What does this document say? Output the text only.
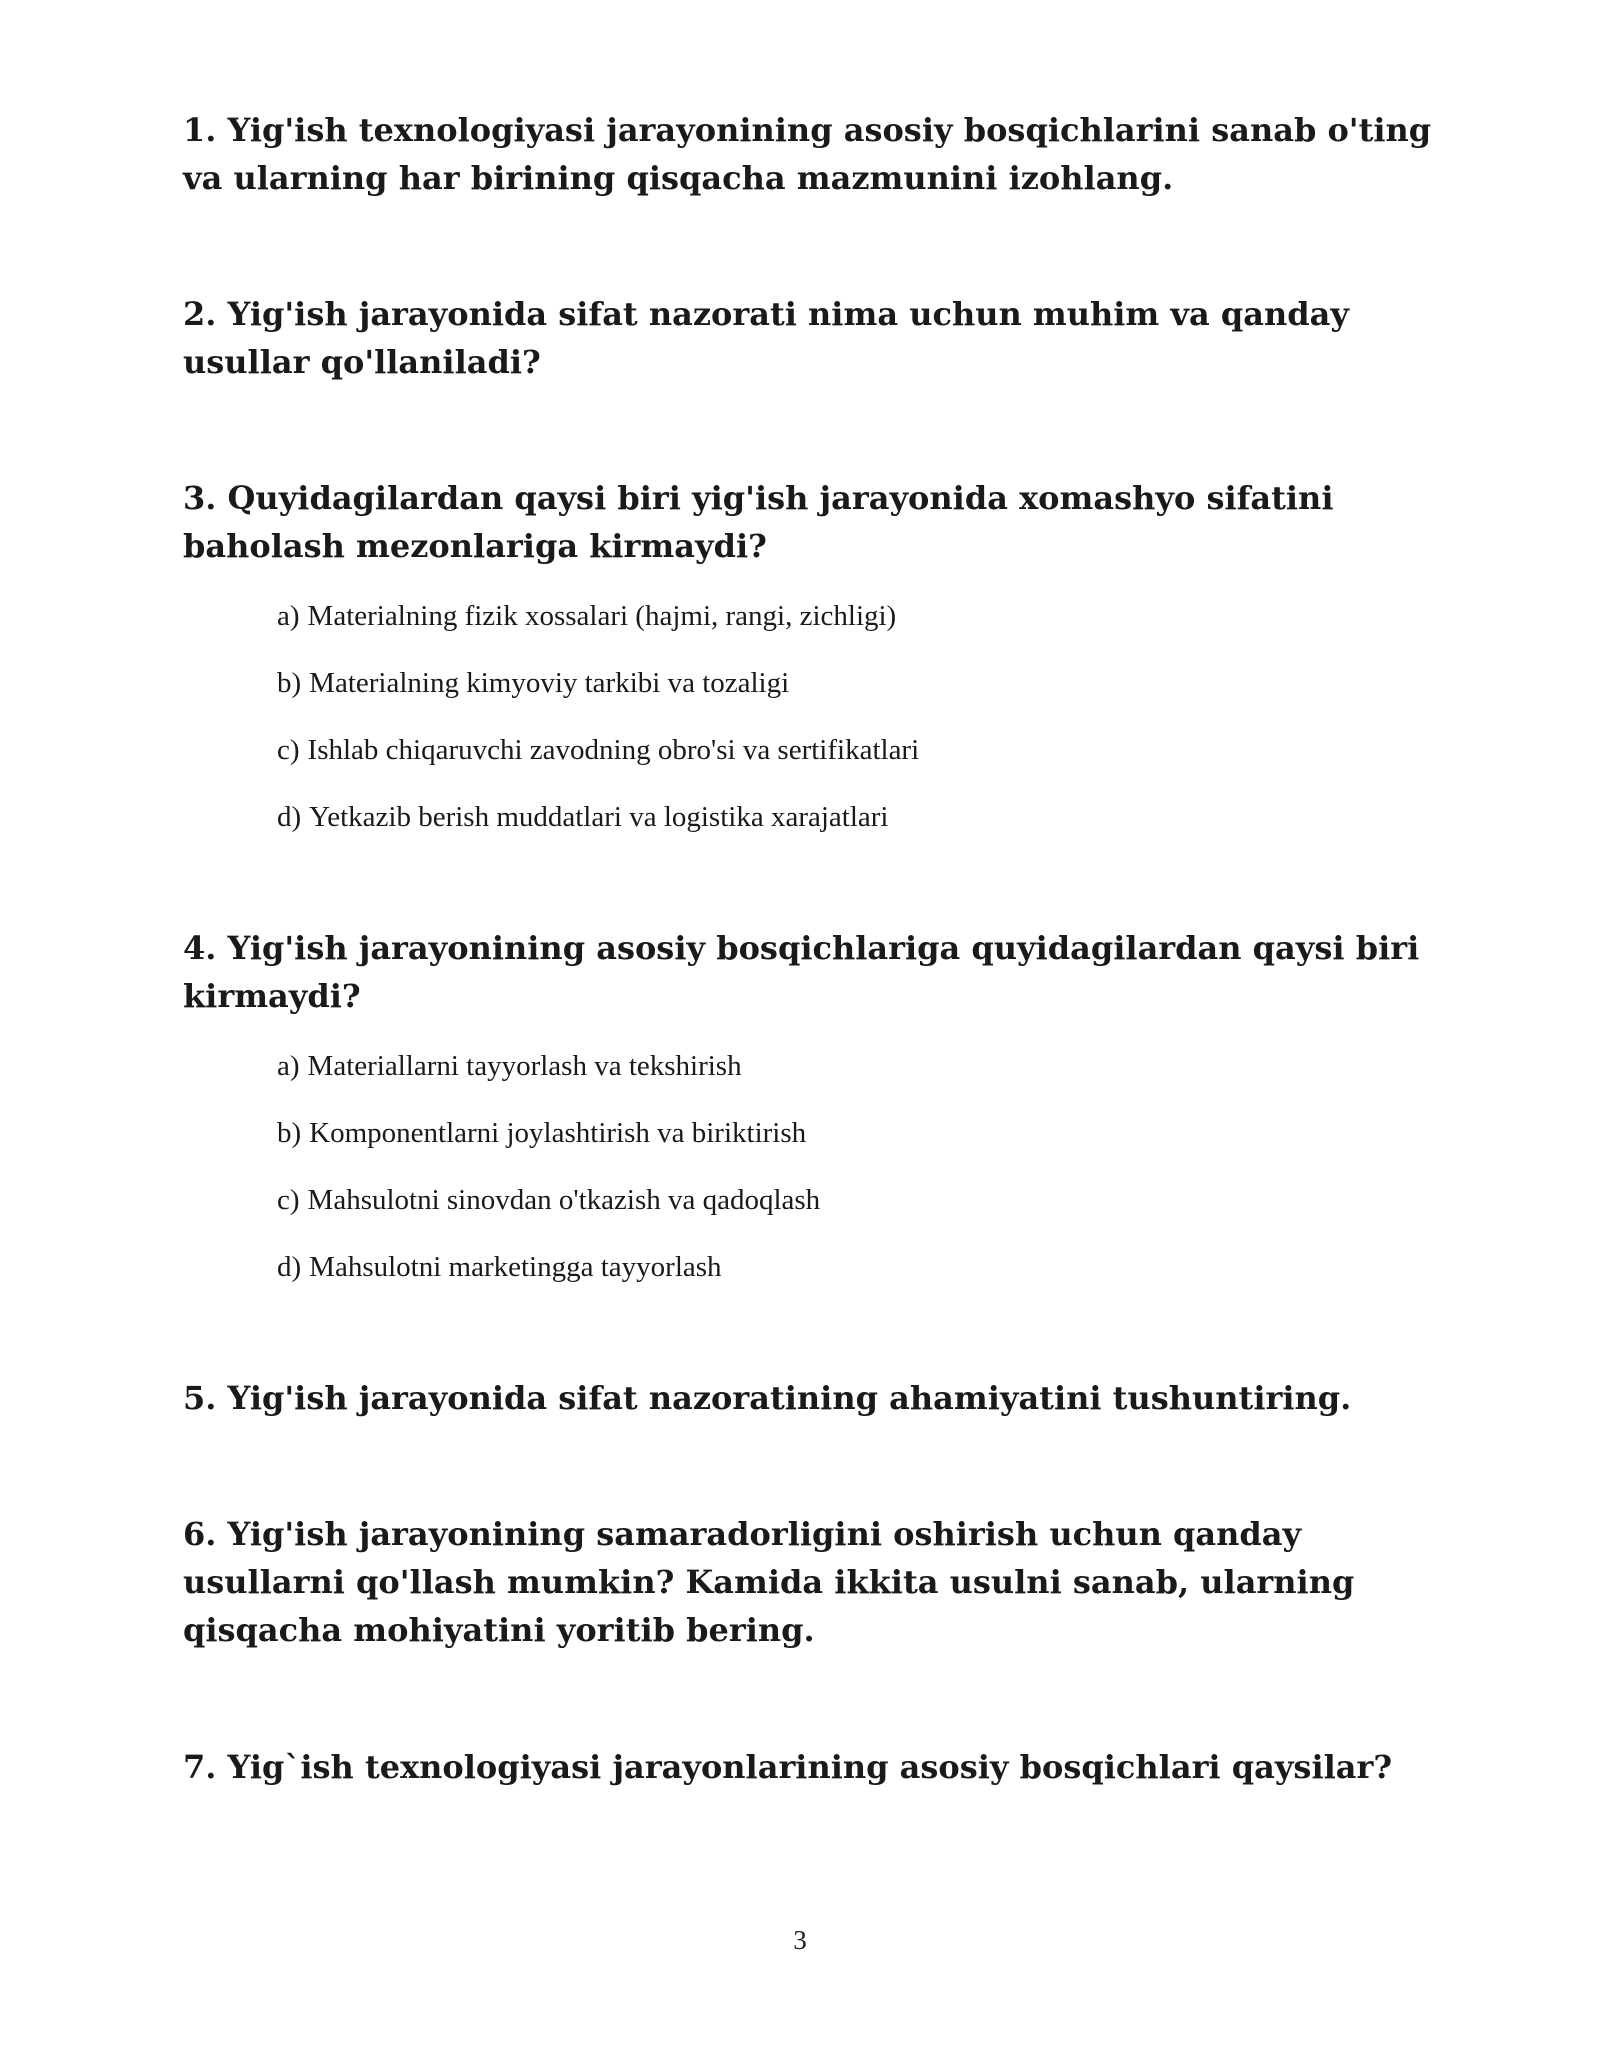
1. Yig'ish texnologiyasi jarayonining asosiy bosqichlarini sanab o'ting va ularning har birining qisqacha mazmunini izohlang.

2. Yig'ish jarayonida sifat nazorati nima uchun muhim va qanday usullar qo'llaniladi?

3. Quyidagilardan qaysi biri yig'ish jarayonida xomashyo sifatini baholash mezonlariga kirmaydi?

a) Materialning fizik xossalari (hajmi, rangi, zichligi)
b) Materialning kimyoviy tarkibi va tozaligi
c) Ishlab chiqaruvchi zavodning obro'si va sertifikatlari
d) Yetkazib berish muddatlari va logistika xarajatlari

4. Yig'ish jarayonining asosiy bosqichlariga quyidagilardan qaysi biri kirmaydi?

a) Materiallarni tayyorlash va tekshirish
b) Komponentlarni joylashtirish va biriktirish
c) Mahsulotni sinovdan o'tkazish va qadoqlash
d) Mahsulotni marketingga tayyorlash

5. Yig'ish jarayonida sifat nazoratining ahamiyatini tushuntiring.

6. Yig'ish jarayonining samaradorligini oshirish uchun qanday usullarni qo'llash mumkin? Kamida ikkita usulni sanab, ularning qisqacha mohiyatini yoritib bering.

7. Yig`ish texnologiyasi jarayonlarining asosiy bosqichlari qaysilar?

3
